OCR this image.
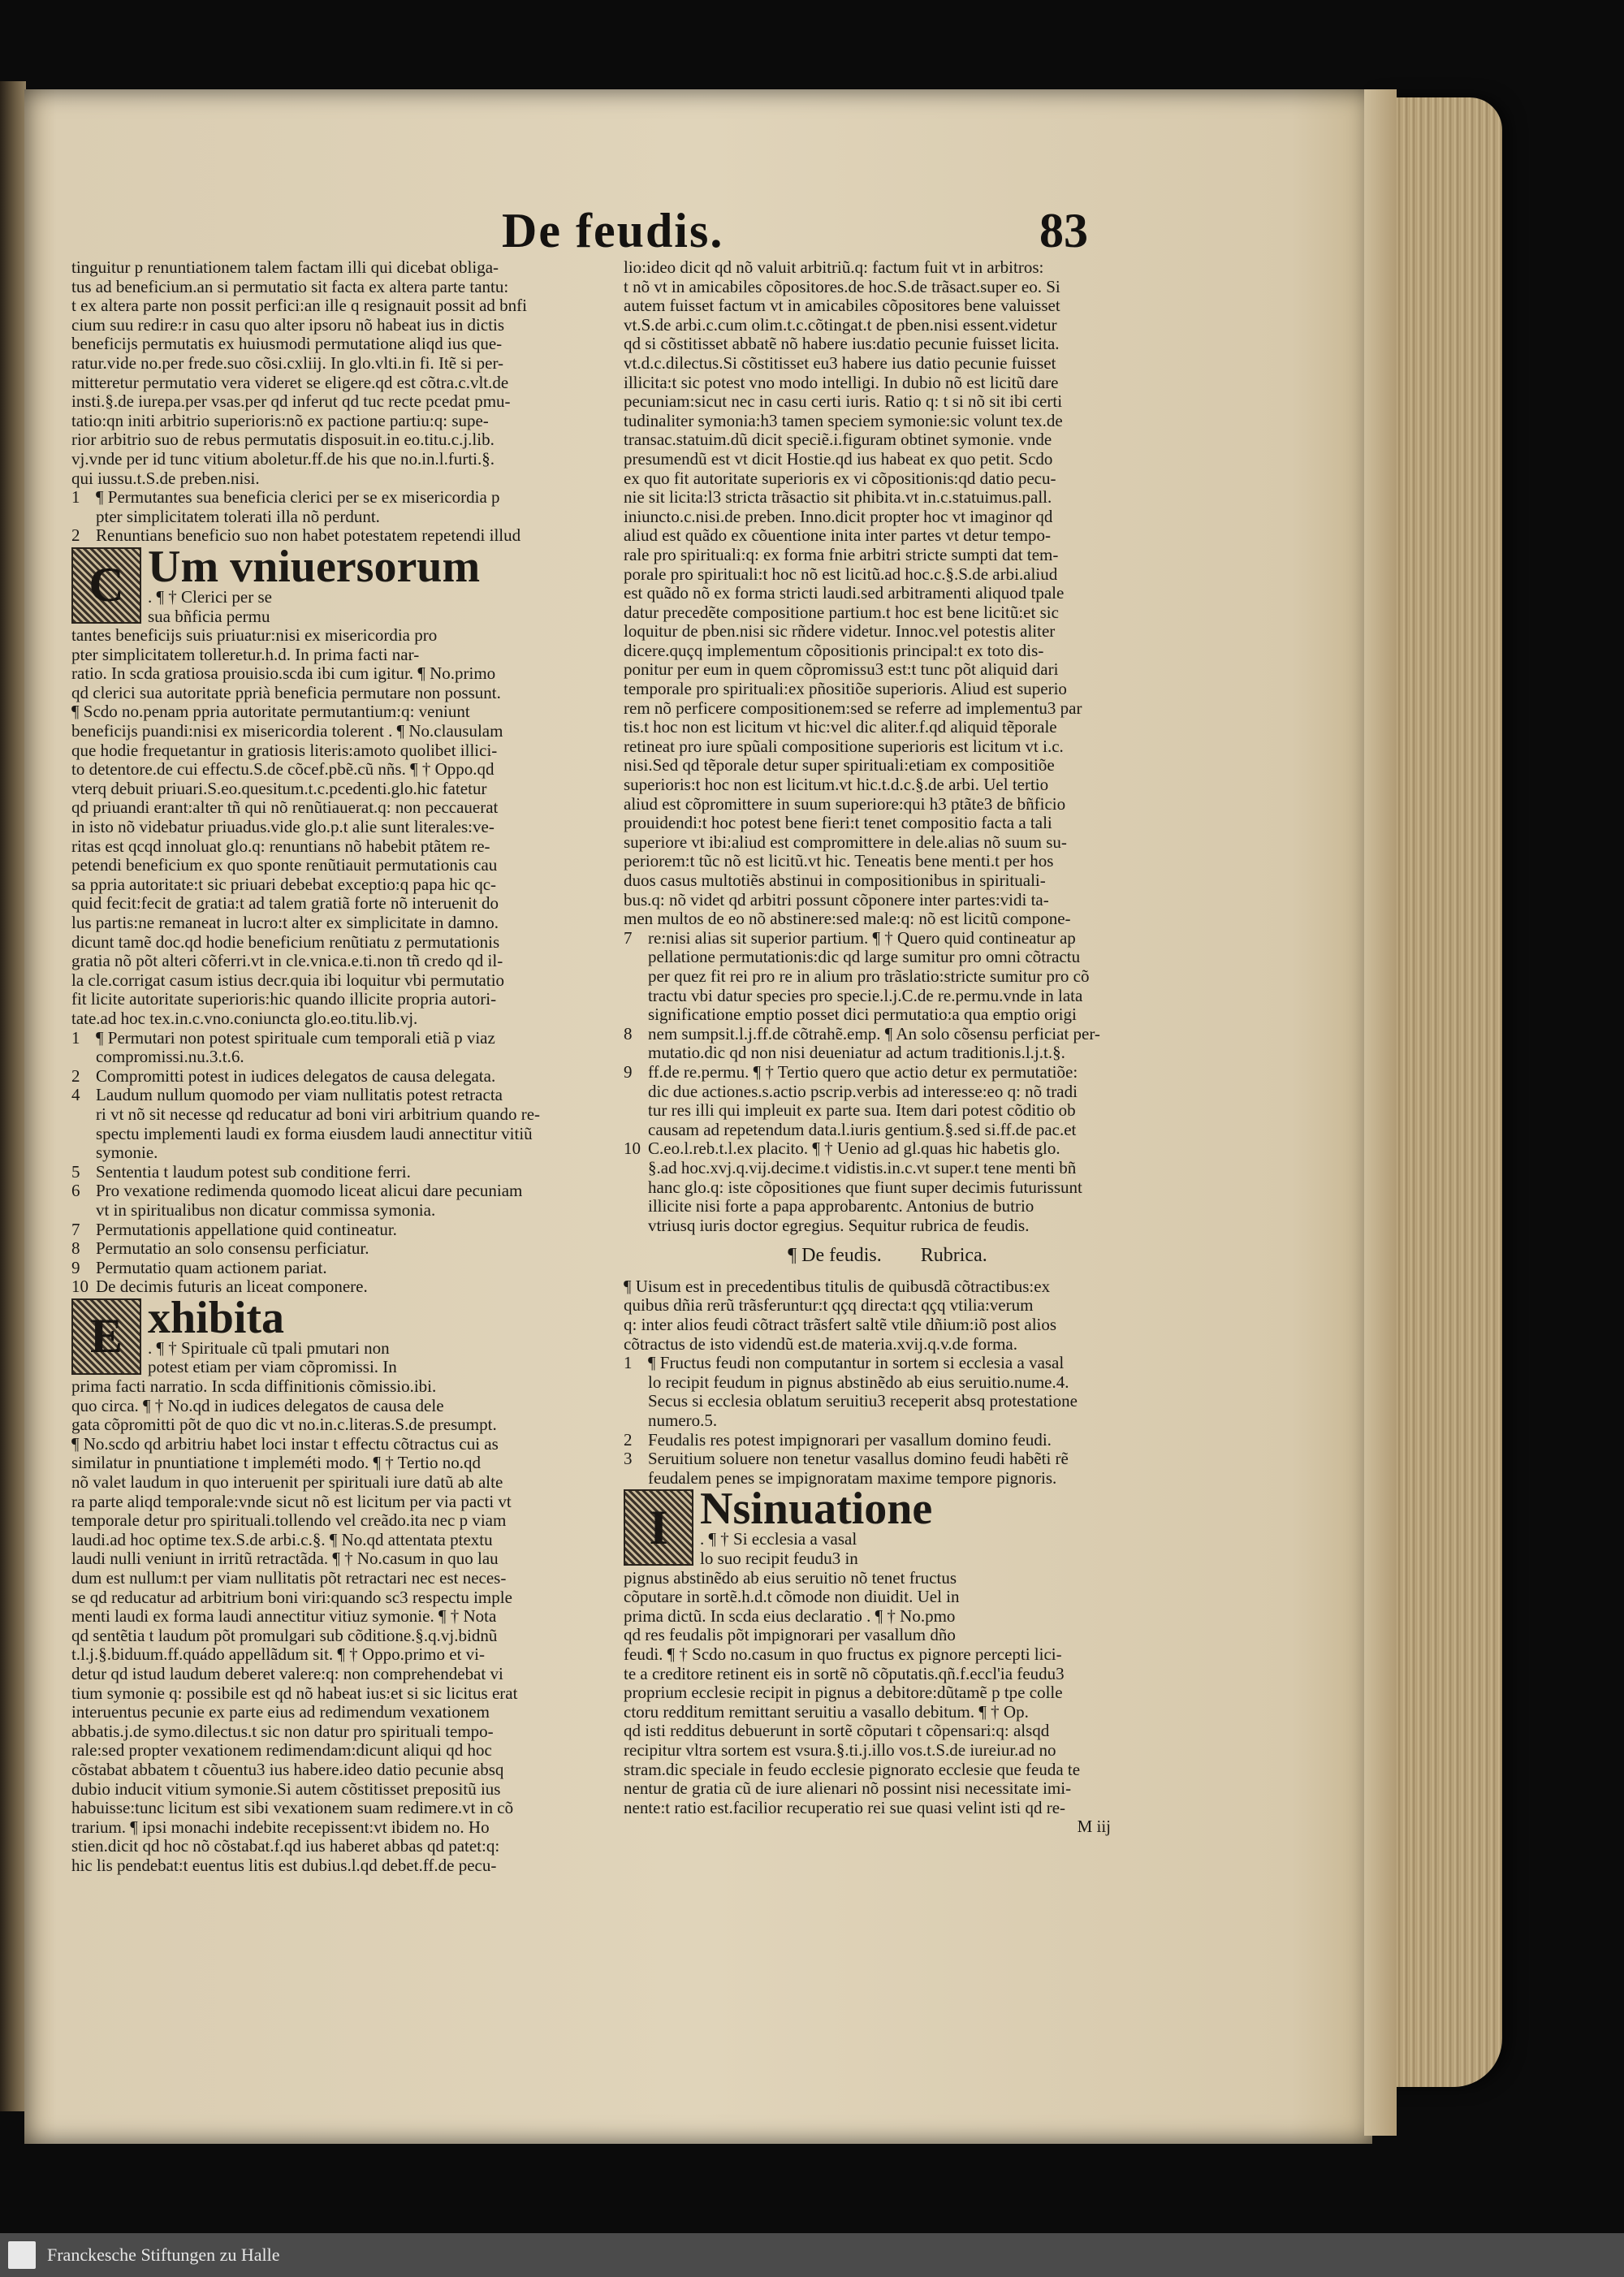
De feudis.	83
tinguitur p renuntiationem talem factam illi qui dicebat obliga-
tus ad beneficium.an si permutatio sit facta ex altera parte tantu:
t ex altera parte non possit perfici:an ille q resignauit possit ad bnfi
cium suu redire:r in casu quo alter ipsoru nõ habeat ius in dictis
beneficijs permutatis ex huiusmodi permutatione aliqd ius que-
ratur.vide no.per frede.suo cõsi.cxliij. In glo.vlti.in fi. Itẽ si per-
mitteretur permutatio vera videret se eligere.qd est cõtra.c.vlt.de
insti.§.de iurepa.per vsas.per qd inferut qd tuc recte pcedat pmu-
tatio:qn initi arbitrio superioris:nõ ex pactione partiu:q: supe-
rior arbitrio suo de rebus permutatis disposuit.in eo.titu.c.j.lib.
vj.vnde per id tunc vitium aboletur.ff.de his que no.in.l.furti.§.
qui iussu.t.S.de preben.nisi.
1 ¶ Permutantes sua beneficia clerici per se ex misericordia p
pter simplicitatem tolerati illa nõ perdunt.
2 Renuntians beneficio suo non habet potestatem repetendi illud
C Um vniuersorum
. ¶ † Clerici per se
sua bñficia permu
tantes beneficijs suis priuatur:nisi ex misericordia pro
pter simplicitatem tolleretur.h.d. In prima facti nar-
ratio. In scda gratiosa prouisio.scda ibi cum igitur. ¶ No.primo
qd clerici sua autoritate pprià beneficia permutare non possunt.
¶ Scdo no.penam ppria autoritate permutantium:q: veniunt
beneficijs puandi:nisi ex misericordia tolerent . ¶ No.clausulam
que hodie frequetantur in gratiosis literis:amoto quolibet illici-
to detentore.de cui effectu.S.de cõcef.pbẽ.cũ nñs. ¶ † Oppo.qd
vterq debuit priuari.S.eo.quesitum.t.c.pcedenti.glo.hic fatetur
qd priuandi erant:alter tñ qui nõ renũtiauerat.q: non peccauerat
in isto nõ videbatur priuadus.vide glo.p.t alie sunt literales:ve-
ritas est qcqd innoluat glo.q: renuntians nõ habebit ptãtem re-
petendi beneficium ex quo sponte renũtiauit permutationis cau
sa ppria autoritate:t sic priuari debebat exceptio:q papa hic qc-
quid fecit:fecit de gratia:t ad talem gratiã forte nõ interuenit do
lus partis:ne remaneat in lucro:t alter ex simplicitate in damno.
dicunt tamẽ doc.qd hodie beneficium renũtiatu z permutationis
gratia nõ põt alteri cõferri.vt in cle.vnica.e.ti.non tñ credo qd il-
la cle.corrigat casum istius decr.quia ibi loquitur vbi permutatio
fit licite autoritate superioris:hic quando illicite propria autori-
tate.ad hoc tex.in.c.vno.coniuncta glo.eo.titu.lib.vj.
1 ¶ Permutari non potest spirituale cum temporali etiã p viaz
compromissi.nu.3.t.6.
2 Compromitti potest in iudices delegatos de causa delegata.
4 Laudum nullum quomodo per viam nullitatis potest retracta
ri vt nõ sit necesse qd reducatur ad boni viri arbitrium quando re-
spectu implementi laudi ex forma eiusdem laudi annectitur vitiũ
symonie.
5 Sententia t laudum potest sub conditione ferri.
6 Pro vexatione redimenda quomodo liceat alicui dare pecuniam
vt in spiritualibus non dicatur commissa symonia.
7 Permutationis appellatione quid contineatur.
8 Permutatio an solo consensu perficiatur.
9 Permutatio quam actionem pariat.
10 De decimis futuris an liceat componere.
E xhibita
. ¶ † Spirituale cũ tpali pmutari non
potest etiam per viam cõpromissi. In
prima facti narratio. In scda diffinitionis cõmissio.ibi.
quo circa. ¶ † No.qd in iudices delegatos de causa dele
gata cõpromitti põt de quo dic vt no.in.c.literas.S.de presumpt.
¶ No.scdo qd arbitriu habet loci instar t effectu cõtractus cui as
similatur in pnuntiatione t impleméti modo. ¶ † Tertio no.qd
nõ valet laudum in quo interuenit per spirituali iure datũ ab alte
ra parte aliqd temporale:vnde sicut nõ est licitum per via pacti vt
temporale detur pro spirituali.tollendo vel creãdo.ita nec p viam
laudi.ad hoc optime tex.S.de arbi.c.§. ¶ No.qd attentata ptextu
laudi nulli veniunt in irritũ retractãda. ¶ † No.casum in quo lau
dum est nullum:t per viam nullitatis põt retractari nec est neces-
se qd reducatur ad arbitrium boni viri:quando sc3 respectu imple
menti laudi ex forma laudi annectitur vitiuz symonie. ¶ † Nota
qd sentẽtia t laudum põt promulgari sub cõditione.§.q.vj.bidnũ
t.l.j.§.biduum.ff.quádo appellãdum sit. ¶ † Oppo.primo et vi-
detur qd istud laudum deberet valere:q: non comprehendebat vi
tium symonie q: possibile est qd nõ habeat ius:et si sic licitus erat
interuentus pecunie ex parte eius ad redimendum vexationem
abbatis.j.de symo.dilectus.t sic non datur pro spirituali tempo-
rale:sed propter vexationem redimendam:dicunt aliqui qd hoc
cõstabat abbatem t cõuentu3 ius habere.ideo datio pecunie absq
dubio inducit vitium symonie.Si autem cõstitisset prepositũ ius
habuisse:tunc licitum est sibi vexationem suam redimere.vt in cõ
trarium. ¶ ipsi monachi indebite recepissent:vt ibidem no. Ho
stien.dicit qd hoc nõ cõstabat.f.qd ius haberet abbas qd patet:q:
hic lis pendebat:t euentus litis est dubius.l.qd debet.ff.de pecu-
lio:ideo dicit qd nõ valuit arbitriũ.q: factum fuit vt in arbitros:
t nõ vt in amicabiles cõpositores.de hoc.S.de trãsact.super eo. Si
autem fuisset factum vt in amicabiles cõpositores bene valuisset
vt.S.de arbi.c.cum olim.t.c.cõtingat.t de pben.nisi essent.videtur
qd si cõstitisset abbatẽ nõ habere ius:datio pecunie fuisset licita.
vt.d.c.dilectus.Si cõstitisset eu3 habere ius datio pecunie fuisset
illicita:t sic potest vno modo intelligi. In dubio nõ est licitũ dare
pecuniam:sicut nec in casu certi iuris. Ratio q: t si nõ sit ibi certi
tudinaliter symonia:h3 tamen speciem symonie:sic volunt tex.de
transac.statuim.dũ dicit speciẽ.i.figuram obtinet symonie. vnde
presumendũ est vt dicit Hostie.qd ius habeat ex quo petit. Scdo
ex quo fit autoritate superioris ex vi cõpositionis:qd datio pecu-
nie sit licita:l3 stricta trãsactio sit phibita.vt in.c.statuimus.pall.
iniuncto.c.nisi.de preben. Inno.dicit propter hoc vt imaginor qd
aliud est quãdo ex cõuentione inita inter partes vt detur tempo-
rale pro spirituali:q: ex forma fnie arbitri stricte sumpti dat tem-
porale pro spirituali:t hoc nõ est licitũ.ad hoc.c.§.S.de arbi.aliud
est quãdo nõ ex forma stricti laudi.sed arbitramenti aliquod tpale
datur precedẽte compositione partium.t hoc est bene licitũ:et sic
loquitur de pben.nisi sic rñdere videtur. Innoc.vel potestis aliter
dicere.quçq implementum cõpositionis principal:t ex toto dis-
ponitur per eum in quem cõpromissu3 est:t tunc põt aliquid dari
temporale pro spirituali:ex pñositiõe superioris. Aliud est superio
rem nõ perficere compositionem:sed se referre ad implementu3 par
tis.t hoc non est licitum vt hic:vel dic aliter.f.qd aliquid tẽporale
retineat pro iure spũali compositione superioris est licitum vt i.c.
nisi.Sed qd tẽporale detur super spirituali:etiam ex compositiõe
superioris:t hoc non est licitum.vt hic.t.d.c.§.de arbi. Uel tertio
aliud est cõpromittere in suum superiore:qui h3 ptãte3 de bñficio
prouidendi:t hoc potest bene fieri:t tenet compositio facta a tali
superiore vt ibi:aliud est compromittere in dele.alias nõ suum su-
periorem:t tũc nõ est licitũ.vt hic. Teneatis bene menti.t per hos
duos casus multotiẽs abstinui in compositionibus in spirituali-
bus.q: nõ videt qd arbitri possunt cõponere inter partes:vidi ta-
men multos de eo nõ abstinere:sed male:q: nõ est licitũ compone-
7 re:nisi alias sit superior partium. ¶ † Quero quid contineatur ap
pellatione permutationis:dic qd large sumitur pro omni cõtractu
per quez fit rei pro re in alium pro trãslatio:stricte sumitur pro cõ
tractu vbi datur species pro specie.l.j.C.de re.permu.vnde in lata
significatione emptio posset dici permutatio:a qua emptio origi
8 nem sumpsit.l.j.ff.de cõtrahẽ.emp. ¶ An solo cõsensu perficiat per-
mutatio.dic qd non nisi deueniatur ad actum traditionis.l.j.t.§.
9 ff.de re.permu. ¶ † Tertio quero que actio detur ex permutatiõe:
dic due actiones.s.actio pscrip.verbis ad interesse:eo q: nõ tradi
tur res illi qui impleuit ex parte sua. Item dari potest cõditio ob
causam ad repetendum data.l.iuris gentium.§.sed si.ff.de pac.et
10 C.eo.l.reb.t.l.ex placito. ¶ † Uenio ad gl.quas hic habetis glo.
§.ad hoc.xvj.q.vij.decime.t vidistis.in.c.vt super.t tene menti bñ
hanc glo.q: iste cõpositiones que fiunt super decimis futurissunt
illicite nisi forte a papa approbarentc. Antonius de butrio
vtriusq iuris doctor egregius. Sequitur rubrica de feudis.
¶ De feudis. Rubrica.
¶ Uisum est in precedentibus titulis de quibusdã cõtractibus:ex
quibus dñia rerũ trãsferuntur:t qçq directa:t qçq vtilia:verum
q: inter alios feudi cõtract trãsfert saltẽ vtile dñium:iõ post alios
cõtractus de isto videndũ est.de materia.xvij.q.v.de forma.
1 ¶ Fructus feudi non computantur in sortem si ecclesia a vasal
lo recipit feudum in pignus abstinẽdo ab eius seruitio.nume.4.
Secus si ecclesia oblatum seruitiu3 receperit absq protestatione
numero.5.
2 Feudalis res potest impignorari per vasallum domino feudi.
3 Seruitium soluere non tenetur vasallus domino feudi habẽti rẽ
feudalem penes se impignoratam maxime tempore pignoris.
I Nsinuatione
. ¶ † Si ecclesia a vasal
lo suo recipit feudu3 in
pignus abstinẽdo ab eius seruitio nõ tenet fructus
cõputare in sortẽ.h.d.t cõmode non diuidit. Uel in
prima dictũ. In scda eius declaratio . ¶ † No.pmo
qd res feudalis põt impignorari per vasallum dño
feudi. ¶ † Scdo no.casum in quo fructus ex pignore percepti lici-
te a creditore retinent eis in sortẽ nõ cõputatis.qñ.f.eccl'ia feudu3
proprium ecclesie recipit in pignus a debitore:dũtamẽ p tpe colle
ctoru redditum remittant seruitiu a vasallo debitum. ¶ † Op.
qd isti redditus debuerunt in sortẽ cõputari t cõpensari:q: alsqd
recipitur vltra sortem est vsura.§.ti.j.illo vos.t.S.de iureiur.ad no
stram.dic speciale in feudo ecclesie pignorato ecclesie que feuda te
nentur de gratia cũ de iure alienari nõ possint nisi necessitate imi-
nente:t ratio est.facilior recuperatio rei sue quasi velint isti qd re-
M iij
Franckesche Stiftungen zu Halle
